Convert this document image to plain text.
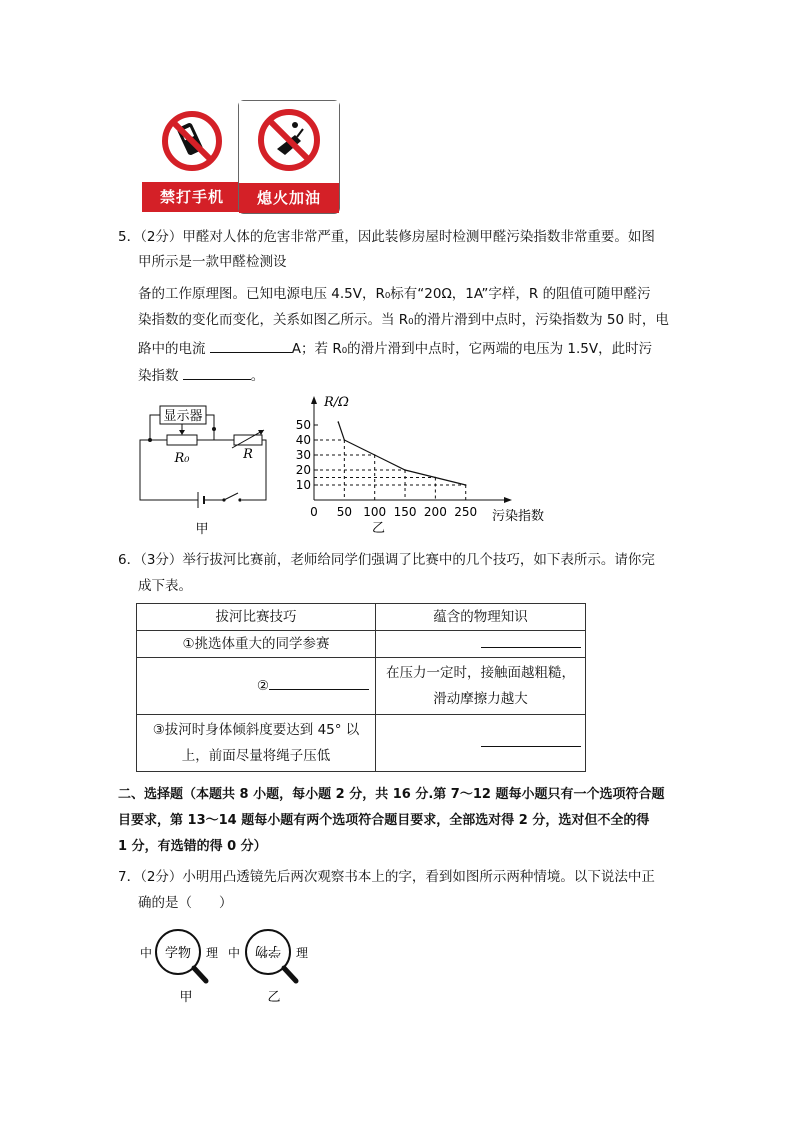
禁打手机	熄火加油
5．（2分）甲醛对人体的危害非常严重，因此装修房屋时检测甲醛污染指数非常重要。如图
甲所示是一款甲醛检测设
备的工作原理图。已知电源电压 4.5V，R₀标有“20Ω，1A”字样，R 的阻值可随甲醛污
染指数的变化而变化，关系如图乙所示。当 R₀的滑片滑到中点时，污染指数为 50 时，电
路中的电流	A；若 R₀的滑片滑到中点时，它两端的电压为 1.5V，此时污
染指数	。
显示器
R₀	R
甲
10
20
30
40
50
0 50 100 150 200 250
R/Ω
污染指数
乙
6．（3分）举行拔河比赛前，老师给同学们强调了比赛中的几个技巧，如下表所示。请你完
成下表。
拔河比赛技巧	蕴含的物理知识
①挑选体重大的同学参赛	
②	在压力一定时，接触面越粗糙，滑动摩擦力越大
③拔河时身体倾斜度要达到 45° 以上，前面尽量将绳子压低	
二、选择题（本题共 8 小题，每小题 2 分，共 16 分.第 7～12 题每小题只有一个选项符合题
目要求，第 13～14 题每小题有两个选项符合题目要求，全部选对得 2 分，选对但不全的得
1 分，有选错的得 0 分）
7．（2分）小明用凸透镜先后两次观察书本上的字，看到如图所示两种情境。以下说法中正
确的是（　　）
中 学物 理
甲
中 学物 理
乙
